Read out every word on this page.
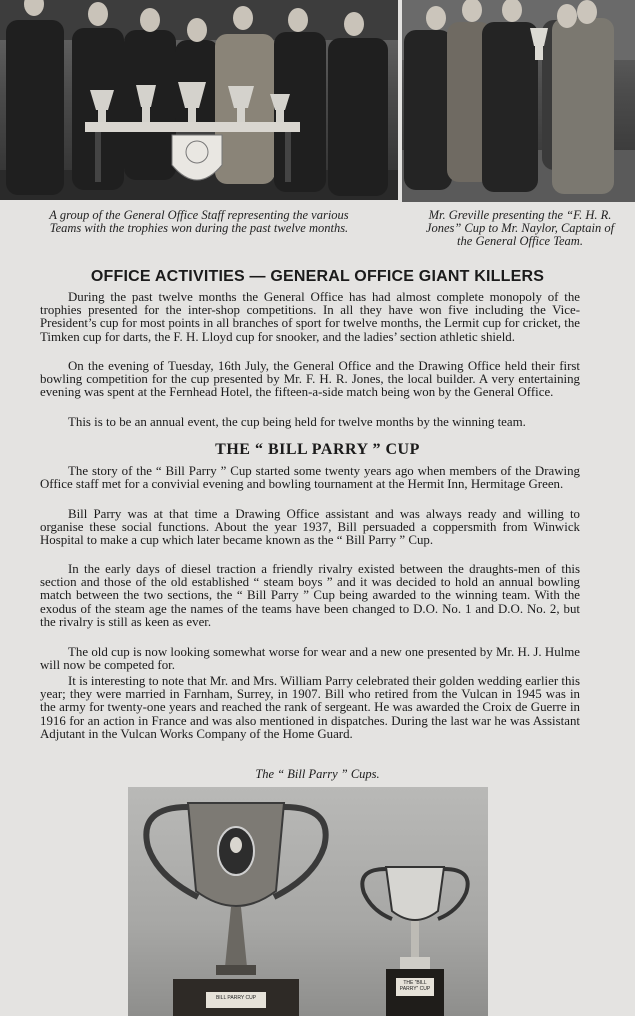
A group of the General Office Staff representing the various Teams with the trophies won during the past twelve months.
Mr. Greville presenting the “F. H. R. Jones” Cup to Mr. Naylor, Captain of the General Office Team.
OFFICE ACTIVITIES — GENERAL OFFICE GIANT KILLERS

During the past twelve months the General Office has had almost complete monopoly of the trophies presented for the inter-shop competitions. In all they have won five including the Vice-President’s cup for most points in all branches of sport for twelve months, the Lermit cup for cricket, the Timken cup for darts, the F. H. Lloyd cup for snooker, and the ladies’ section athletic shield.

On the evening of Tuesday, 16th July, the General Office and the Drawing Office held their first bowling competition for the cup presented by Mr. F. H. R. Jones, the local builder. A very entertaining evening was spent at the Fernhead Hotel, the fifteen-a-side match being won by the General Office.

This is to be an annual event, the cup being held for twelve months by the winning team.

THE “ BILL PARRY ” CUP

The story of the “ Bill Parry ” Cup started some twenty years ago when members of the Drawing Office staff met for a convivial evening and bowling tournament at the Hermit Inn, Hermitage Green.

Bill Parry was at that time a Drawing Office assistant and was always ready and willing to organise these social functions. About the year 1937, Bill persuaded a coppersmith from Winwick Hospital to make a cup which later became known as the “ Bill Parry ” Cup.

In the early days of diesel traction a friendly rivalry existed between the draughts-men of this section and those of the old established “ steam boys ” and it was decided to hold an annual bowling match between the two sections, the “ Bill Parry ” Cup being awarded to the winning team. With the exodus of the steam age the names of the teams have been changed to D.O. No. 1 and D.O. No. 2, but the rivalry is still as keen as ever.

The old cup is now looking somewhat worse for wear and a new one presented by Mr. H. J. Hulme will now be competed for.

It is interesting to note that Mr. and Mrs. William Parry celebrated their golden wedding earlier this year; they were married in Farnham, Surrey, in 1907. Bill who retired from the Vulcan in 1945 was in the army for twenty-one years and reached the rank of sergeant. He was awarded the Croix de Guerre in 1916 for an action in France and was also mentioned in dispatches. During the last war he was Assistant Adjutant in the Vulcan Works Company of the Home Guard.

The “ Bill Parry ” Cups.
BILL PARRY CUP
THE “BILL PARRY” CUP
